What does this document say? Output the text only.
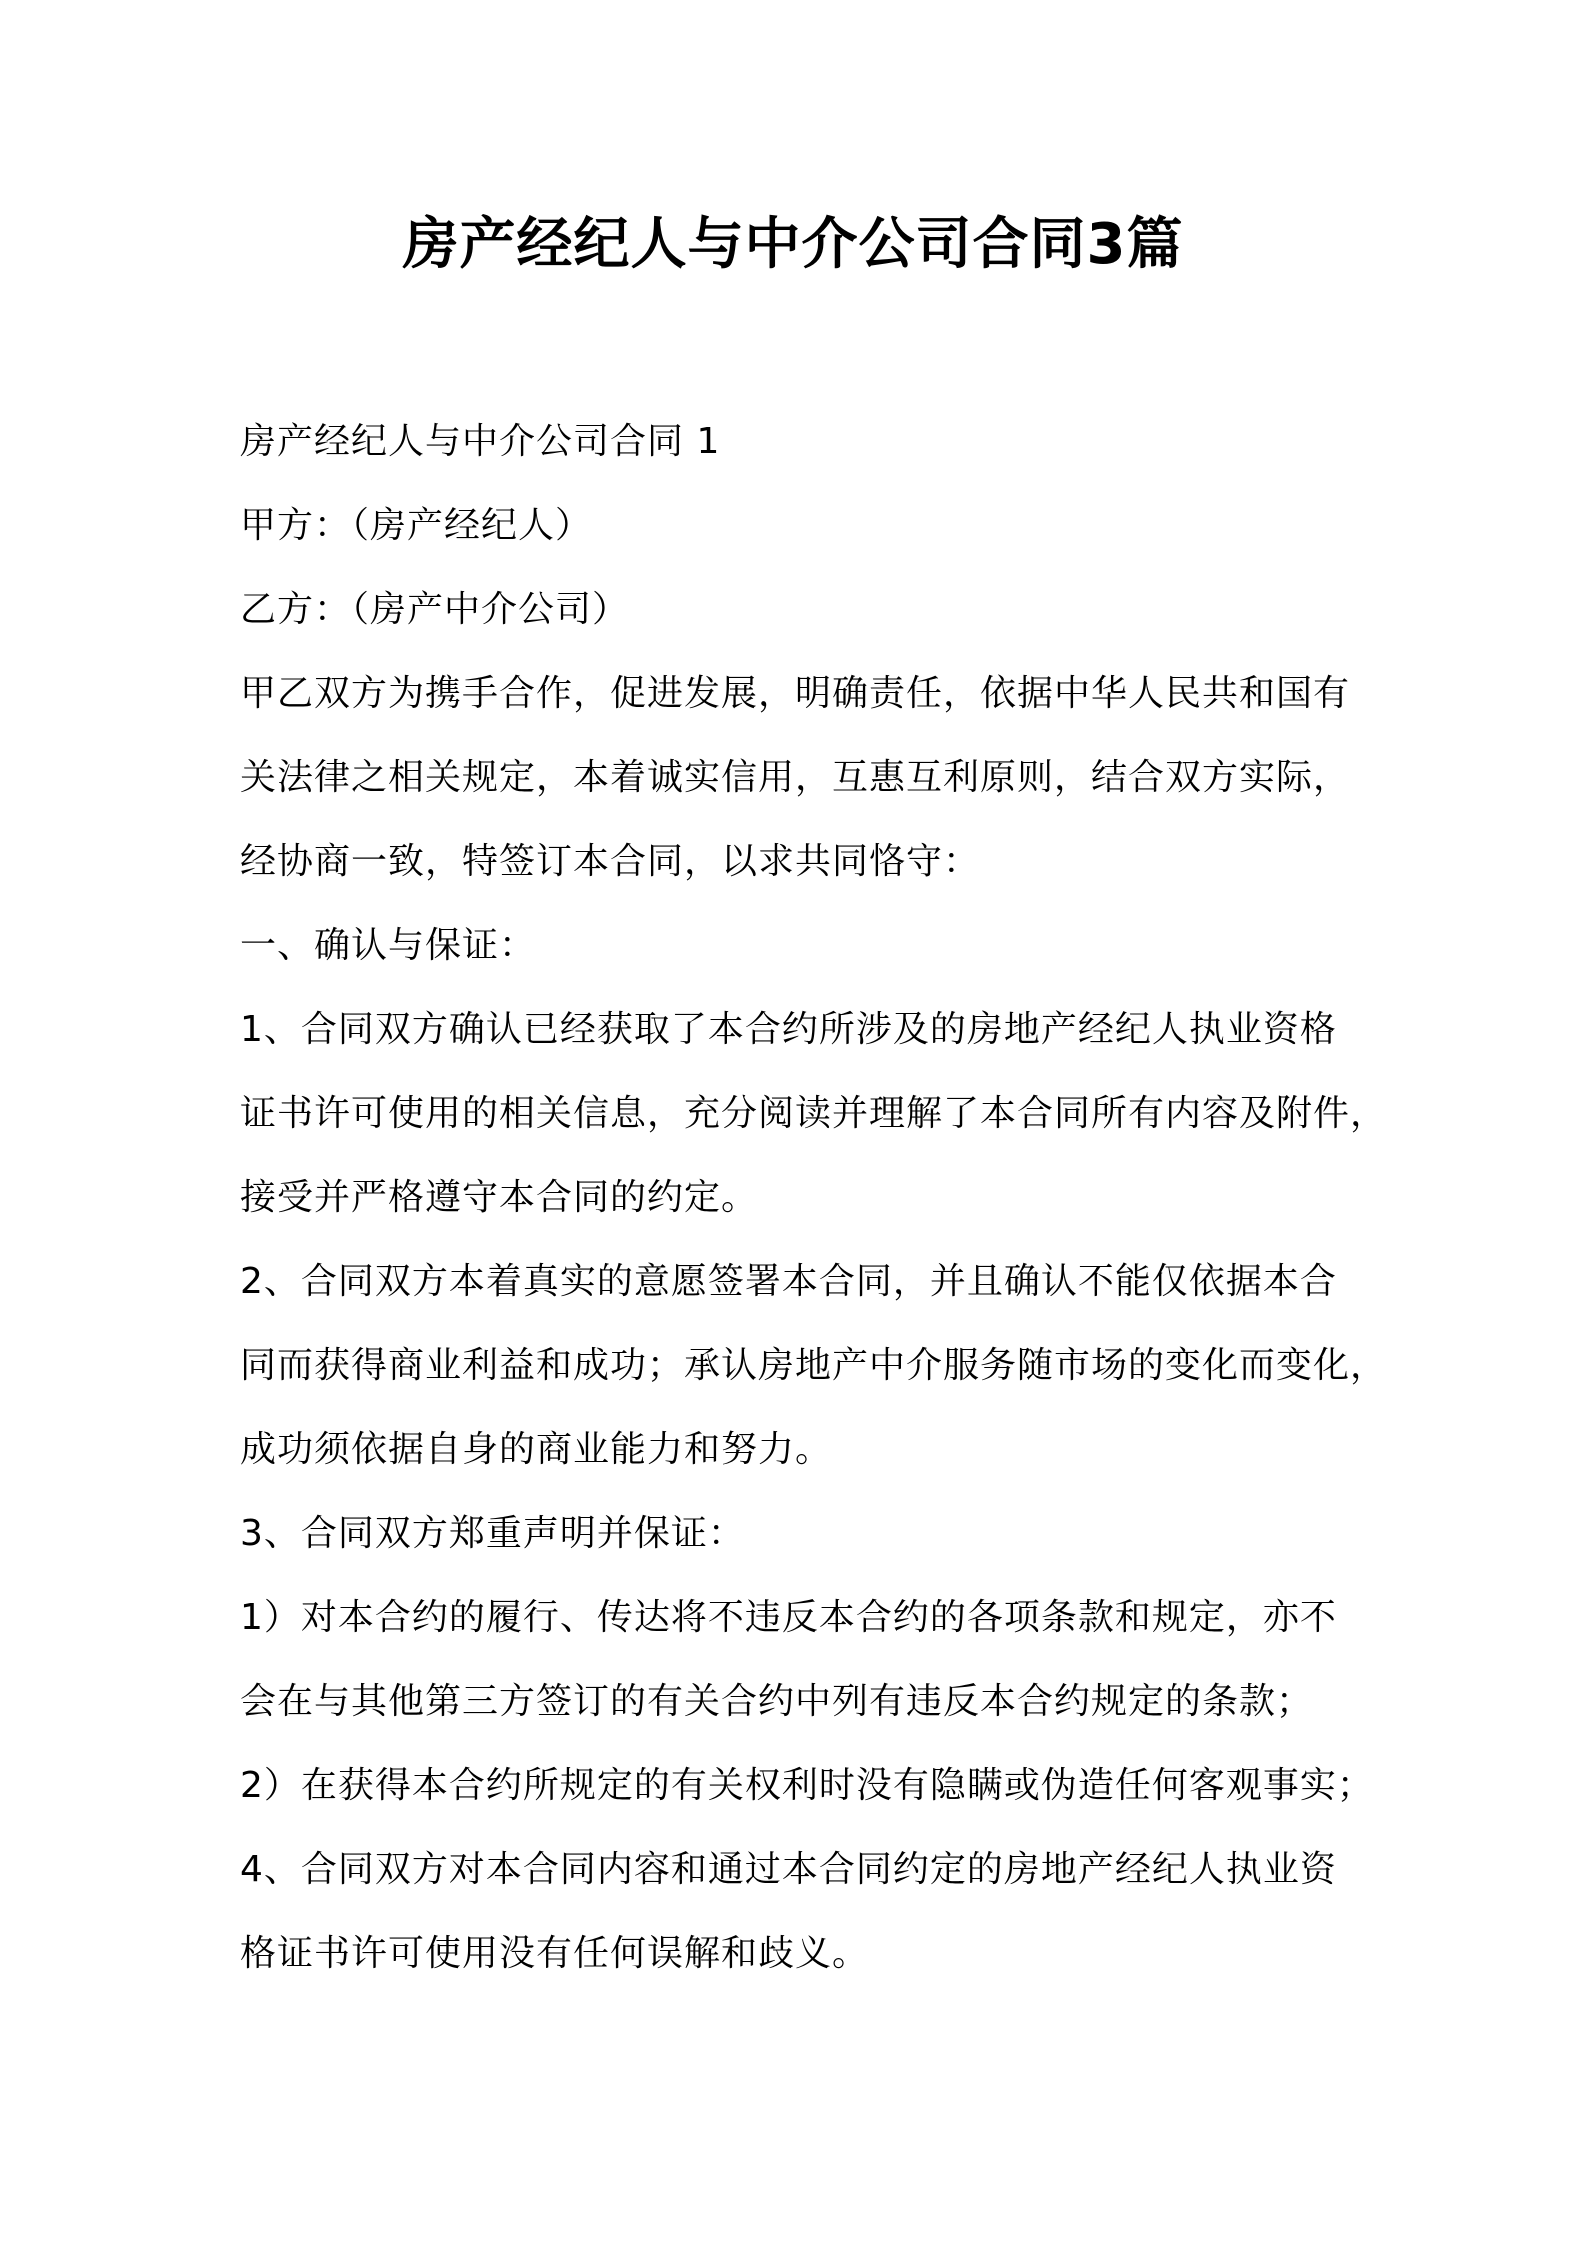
房产经纪人与中介公司合同3篇
房产经纪人与中介公司合同 1
甲方：（房产经纪人）
乙方：（房产中介公司）
甲乙双方为携手合作，促进发展，明确责任，依据中华人民共和国有
关法律之相关规定，本着诚实信用，互惠互利原则，结合双方实际，
经协商一致，特签订本合同，以求共同恪守：
一、确认与保证：
1、合同双方确认已经获取了本合约所涉及的房地产经纪人执业资格
证书许可使用的相关信息，充分阅读并理解了本合同所有内容及附件，
接受并严格遵守本合同的约定。
2、合同双方本着真实的意愿签署本合同，并且确认不能仅依据本合
同而获得商业利益和成功；承认房地产中介服务随市场的变化而变化，
成功须依据自身的商业能力和努力。
3、合同双方郑重声明并保证：
1）对本合约的履行、传达将不违反本合约的各项条款和规定，亦不
会在与其他第三方签订的有关合约中列有违反本合约规定的条款；
2）在获得本合约所规定的有关权利时没有隐瞒或伪造任何客观事实；
4、合同双方对本合同内容和通过本合同约定的房地产经纪人执业资
格证书许可使用没有任何误解和歧义。
